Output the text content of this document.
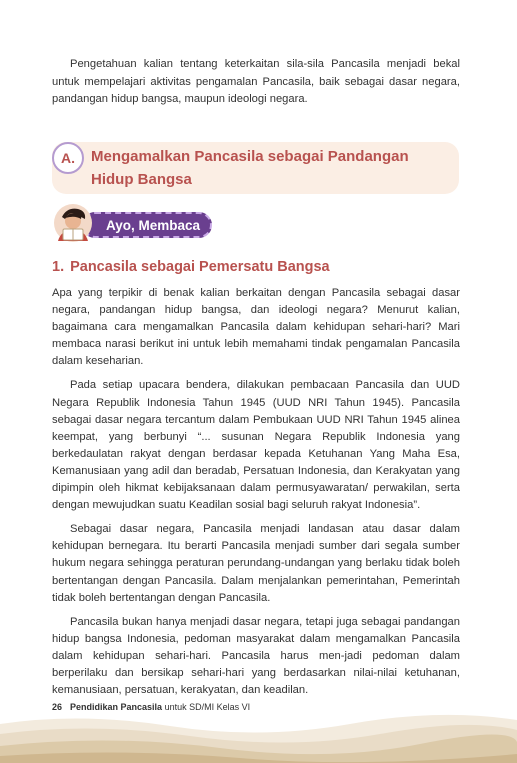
Pengetahuan kalian tentang keterkaitan sila-sila Pancasila menjadi bekal untuk mempelajari aktivitas pengamalan Pancasila, baik sebagai dasar negara, pandangan hidup bangsa, maupun ideologi negara.

A.	Mengamalkan Pancasila sebagai Pandangan Hidup Bangsa
Ayo, Membaca
1. Pancasila sebagai Pemersatu Bangsa

Apa yang terpikir di benak kalian berkaitan dengan Pancasila sebagai dasar negara, pandangan hidup bangsa, dan ideologi negara? Menurut kalian, bagaimana cara mengamalkan Pancasila dalam kehidupan sehari-hari? Mari membaca narasi berikut ini untuk lebih memahami tindak pengamalan Pancasila dalam keseharian.

Pada setiap upacara bendera, dilakukan pembacaan Pancasila dan UUD Negara Republik Indonesia Tahun 1945 (UUD NRI Tahun 1945). Pancasila sebagai dasar negara tercantum dalam Pembukaan UUD NRI Tahun 1945 alinea keempat, yang berbunyi “... susunan Negara Republik Indonesia yang berkedaulatan rakyat dengan berdasar kepada Ketuhanan Yang Maha Esa, Kemanusiaan yang adil dan beradab, Persatuan Indonesia, dan Kerakyatan yang dipimpin oleh hikmat kebijaksanaan dalam permusyawaratan/ perwakilan, serta dengan mewujudkan suatu Keadilan sosial bagi seluruh rakyat Indonesia”.

Sebagai dasar negara, Pancasila menjadi landasan atau dasar dalam kehidupan bernegara. Itu berarti Pancasila menjadi sumber dari segala sumber hukum negara sehingga peraturan perundang-undangan yang berlaku tidak boleh bertentangan dengan Pancasila. Dalam menjalankan pemerintahan, Pemerintah tidak boleh bertentangan dengan Pancasila.

Pancasila bukan hanya menjadi dasar negara, tetapi juga sebagai pandangan hidup bangsa Indonesia, pedoman masyarakat dalam mengamalkan Pancasila dalam kehidupan sehari-hari. Pancasila harus men-jadi pedoman dalam berperilaku dan bersikap sehari-hari yang berdasarkan nilai-nilai ketuhanan, kemanusiaan, persatuan, kerakyatan, dan keadilan.

26 Pendidikan Pancasila untuk SD/MI Kelas VI
